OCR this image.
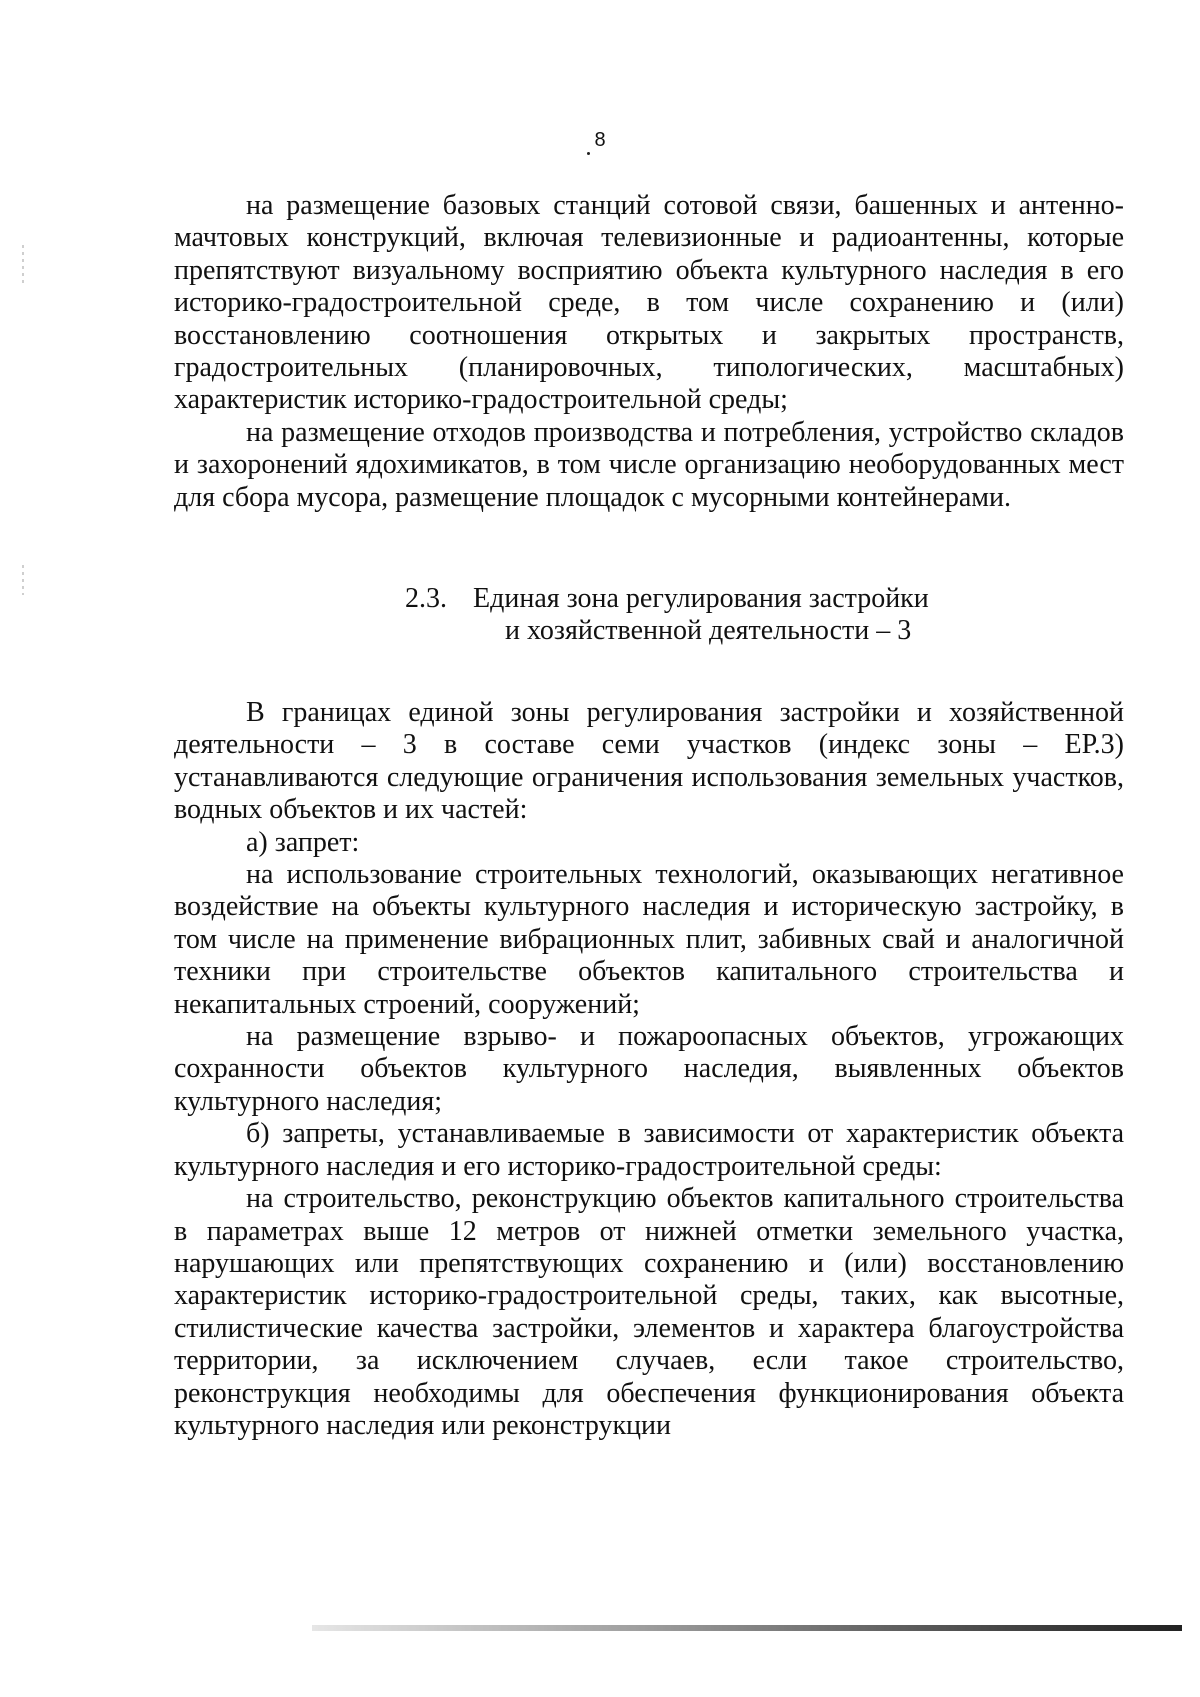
8

на размещение базовых станций сотовой связи, башенных и антенно-мачтовых конструкций, включая телевизионные и радиоантенны, которые препятствуют визуальному восприятию объекта культурного наследия в его историко-градостроительной среде, в том числе сохранению и (или) восстановлению соотношения открытых и закрытых пространств, градостроительных (планировочных, типологических, масштабных) характеристик историко-градостроительной среды;

на размещение отходов производства и потребления, устройство складов и захоронений ядохимикатов, в том числе организацию необорудованных мест для сбора мусора, размещение площадок с мусорными контейнерами.

2.3. Единая зона регулирования застройки
и хозяйственной деятельности – 3

В границах единой зоны регулирования застройки и хозяйственной деятельности – 3 в составе семи участков (индекс зоны – ЕР.3) устанавливаются следующие ограничения использования земельных участков, водных объектов и их частей:

а) запрет:

на использование строительных технологий, оказывающих негативное воздействие на объекты культурного наследия и историческую застройку, в том числе на применение вибрационных плит, забивных свай и аналогичной техники при строительстве объектов капитального строительства и некапитальных строений, сооружений;

на размещение взрыво- и пожароопасных объектов, угрожающих сохранности объектов культурного наследия, выявленных объектов культурного наследия;

б) запреты, устанавливаемые в зависимости от характеристик объекта культурного наследия и его историко-градостроительной среды:

на строительство, реконструкцию объектов капитального строительства в параметрах выше 12 метров от нижней отметки земельного участка, нарушающих или препятствующих сохранению и (или) восстановлению характеристик историко-градостроительной среды, таких, как высотные, стилистические качества застройки, элементов и характера благоустройства территории, за исключением случаев, если такое строительство, реконструкция необходимы для обеспечения функционирования объекта культурного наследия или реконструкции
